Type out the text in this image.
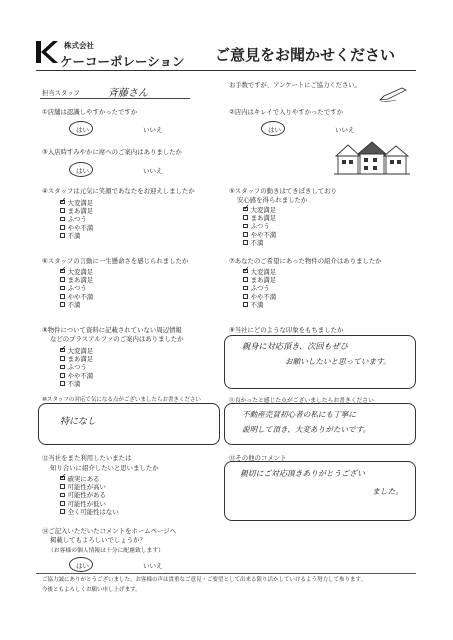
株式会社
ケーコーポレーション ご意見をお聞かせください
担当スタッフ	斉藤さん
お手数ですが、アンケートにご協力ください。
①店舗は認識しやすかったですか
はい	いいえ
②店内はキレイで入りやすかったですか
はい	いいえ
③入店時すみやかに席へのご案内はありましたか
はい	いいえ
④スタッフは元気に笑顔であなたをお迎えしましたか
✓
大変満足
まあ満足
ふつう
やや不満
不満
⑤スタッフの動きはてきぱきしており
安心感を得られましたか
✓
大変満足
まあ満足
ふつう
やや不満
不満
⑥スタッフの言動に一生懸命さを感じられましたか
✓
大変満足
まあ満足
ふつう
やや不満
不満
⑦あなたのご希望にあった物件の紹介はありましたか
✓
大変満足
まあ満足
ふつう
やや不満
不満
⑧物件について資料に記載されていない周辺情報
などのプラスアルファのご案内はありましたか
✓
大変満足
まあ満足
ふつう
やや不満
不満
⑨当社にどのような印象をもちましたか
親身に対応頂き、次回もぜひ
お願いしたいと思っています。
⑩スタッフの対応で気になる点がございましたらお書きください
特になし
⑪良かったと感じた点がございましたらお書きください
不動産売買初心者の私にも丁寧に
説明して頂き、大変ありがたいです。
⑫当社をまた利用したいまたは
知り合いに紹介したいと思いましたか
✓
確実にある
可能性が高い
可能性がある
可能性が低い
全く可能性はない
⑬その他のコメント
親切にご対応頂きありがとうござい
ました。
⑭ご記入いただいたコメントをホームページへ
掲載してもよろしいでしょうか？
（お客様の個人情報は十分に配慮致します）
はい	いいえ
ご協力誠にありがとうございました。お客様の声は貴重なご意見・ご要望として出来る限り活かしていけるよう努力して参ります。
今後ともよろしくお願い申し上げます。
